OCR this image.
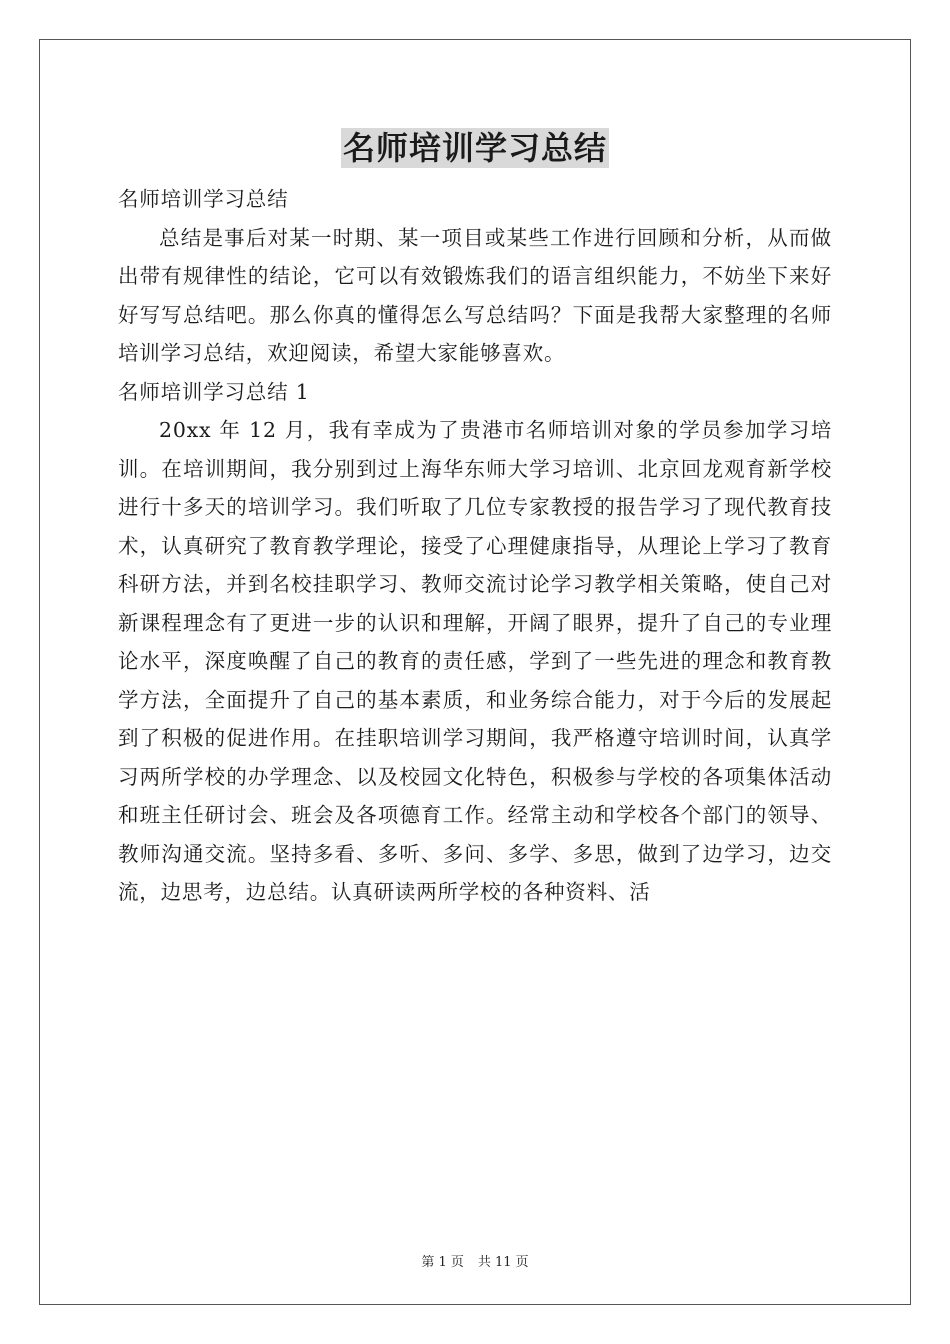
名师培训学习总结

名师培训学习总结

总结是事后对某一时期、某一项目或某些工作进行回顾和分析，从而做出带有规律性的结论，它可以有效锻炼我们的语言组织能力，不妨坐下来好好写写总结吧。那么你真的懂得怎么写总结吗？下面是我帮大家整理的名师培训学习总结，欢迎阅读，希望大家能够喜欢。

名师培训学习总结 1

20xx 年 12 月，我有幸成为了贵港市名师培训对象的学员参加学习培训。在培训期间，我分别到过上海华东师大学习培训、北京回龙观育新学校进行十多天的培训学习。我们听取了几位专家教授的报告学习了现代教育技术，认真研究了教育教学理论，接受了心理健康指导，从理论上学习了教育科研方法，并到名校挂职学习、教师交流讨论学习教学相关策略，使自己对新课程理念有了更进一步的认识和理解，开阔了眼界，提升了自己的专业理论水平，深度唤醒了自己的教育的责任感，学到了一些先进的理念和教育教学方法，全面提升了自己的基本素质，和业务综合能力，对于今后的发展起到了积极的促进作用。在挂职培训学习期间，我严格遵守培训时间，认真学习两所学校的办学理念、以及校园文化特色，积极参与学校的各项集体活动和班主任研讨会、班会及各项德育工作。经常主动和学校各个部门的领导、教师沟通交流。坚持多看、多听、多问、多学、多思，做到了边学习，边交流，边思考，边总结。认真研读两所学校的各种资料、活

第 1 页 共 11 页
